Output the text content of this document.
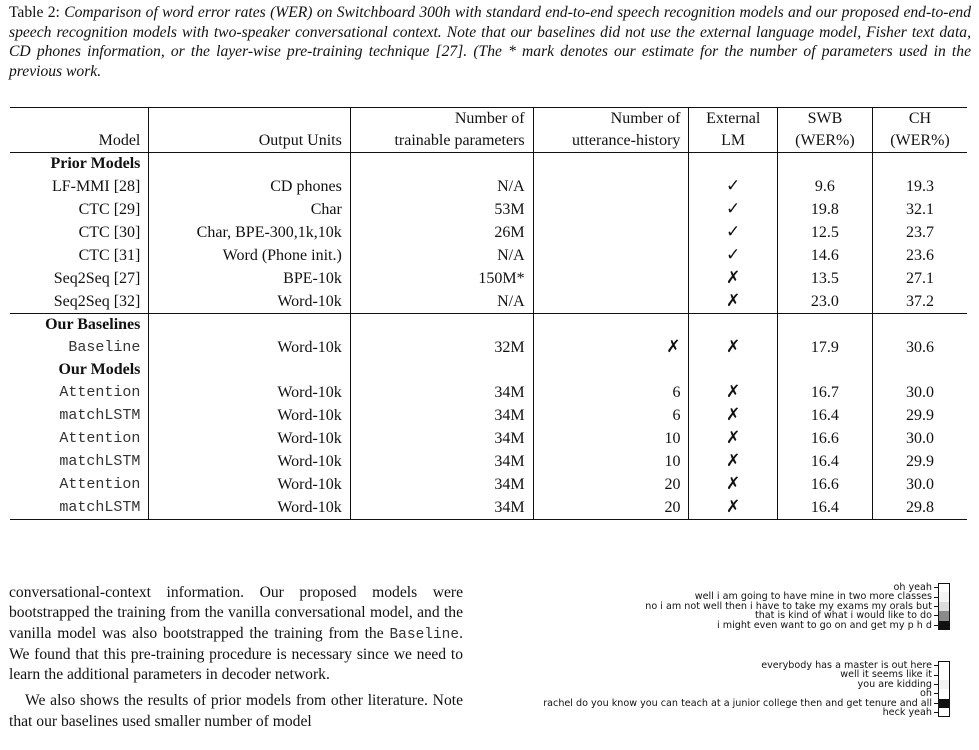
Table 2: Comparison of word error rates (WER) on Switchboard 300h with standard end-to-end speech recognition models and our proposed end-to-end speech recognition models with two-speaker conversational context. Note that our baselines did not use the external language model, Fisher text data, CD phones information, or the layer-wise pre-training technique [27]. (The * mark denotes our estimate for the number of parameters used in the previous work.
		Number of	Number of	External	SWB	CH
Model	Output Units	trainable parameters	utterance-history	LM	(WER%)	(WER%)
Prior Models						
LF-MMI [28]	CD phones	N/A		✓	9.6	19.3
CTC [29]	Char	53M		✓	19.8	32.1
CTC [30]	Char, BPE-300,1k,10k	26M		✓	12.5	23.7
CTC [31]	Word (Phone init.)	N/A		✓	14.6	23.6
Seq2Seq [27]	BPE-10k	150M*		✗	13.5	27.1
Seq2Seq [32]	Word-10k	N/A		✗	23.0	37.2
Our Baselines						
Baseline	Word-10k	32M	✗	✗	17.9	30.6
Our Models						
Attention	Word-10k	34M	6	✗	16.7	30.0
matchLSTM	Word-10k	34M	6	✗	16.4	29.9
Attention	Word-10k	34M	10	✗	16.6	30.0
matchLSTM	Word-10k	34M	10	✗	16.4	29.9
Attention	Word-10k	34M	20	✗	16.6	30.0
matchLSTM	Word-10k	34M	20	✗	16.4	29.8

conversational-context information. Our proposed models were bootstrapped the training from the vanilla conversational model, and the vanilla model was also bootstrapped the training from the Baseline. We found that this pre-training procedure is necessary since we need to learn the additional parameters in decoder network.

We also shows the results of prior models from other literature. Note that our baselines used smaller number of model

oh yeah
well i am going to have mine in two more classes
no i am not well then i have to take my exams my orals but
that is kind of what i would like to do
i might even want to go on and get my p h d
everybody has a master is out here
well it seems like it
you are kidding
oh
rachel do you know you can teach at a junior college then and get tenure and all
heck yeah
